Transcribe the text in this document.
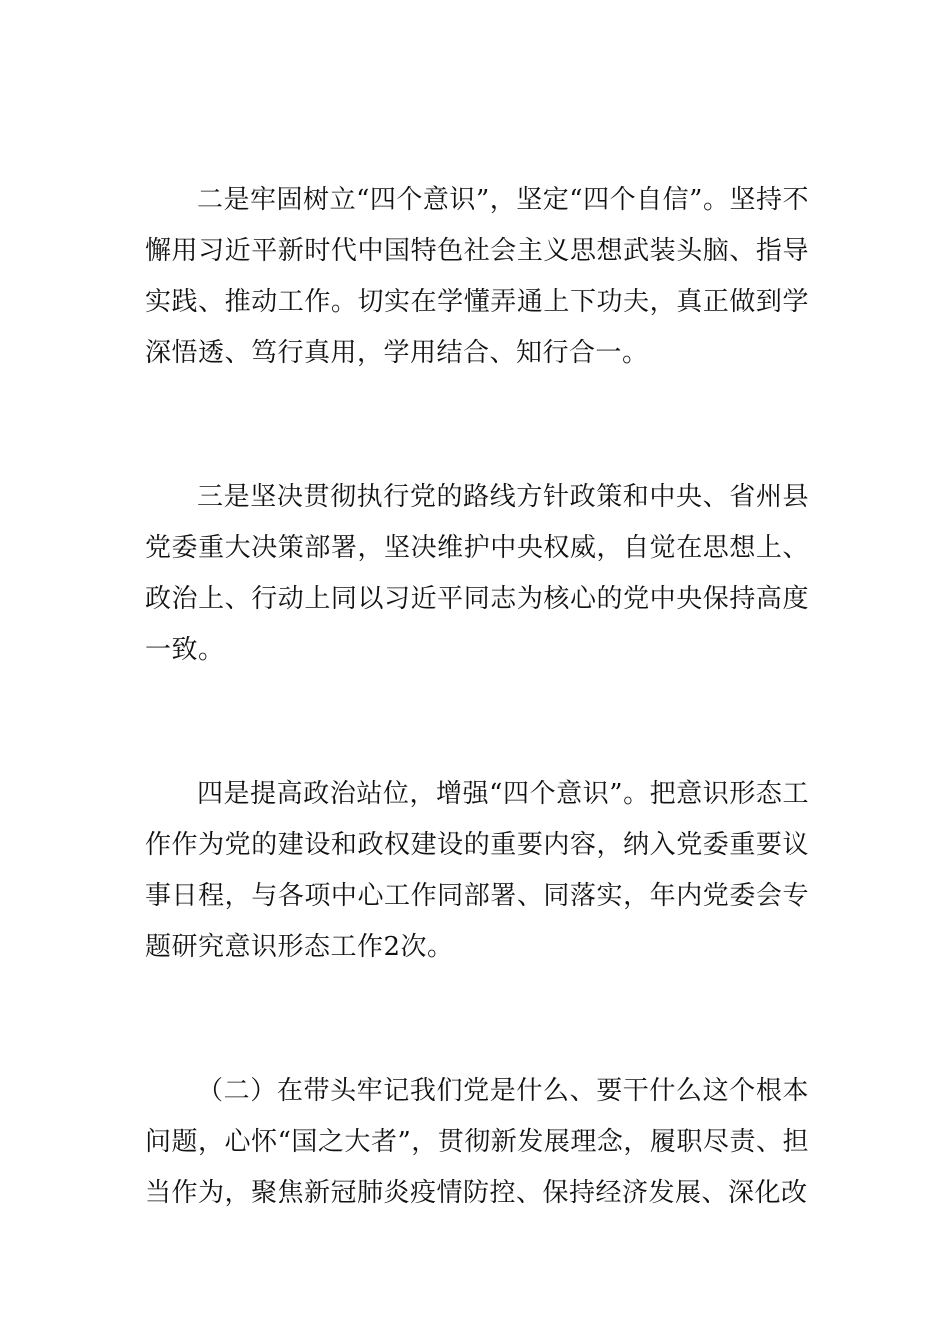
二是牢固树立“四个意识”，坚定“四个自信”。坚持不懈用习近平新时代中国特色社会主义思想武装头脑、指导实践、推动工作。切实在学懂弄通上下功夫，真正做到学深悟透、笃行真用，学用结合、知行合一。

三是坚决贯彻执行党的路线方针政策和中央、省州县党委重大决策部署，坚决维护中央权威，自觉在思想上、政治上、行动上同以习近平同志为核心的党中央保持高度一致。

四是提高政治站位，增强“四个意识”。把意识形态工作作为党的建设和政权建设的重要内容，纳入党委重要议事日程，与各项中心工作同部署、同落实，年内党委会专题研究意识形态工作2次。

（二）在带头牢记我们党是什么、要干什么这个根本问题，心怀“国之大者”，贯彻新发展理念，履职尽责、担当作为，聚焦新冠肺炎疫情防控、保持经济发展、深化改
